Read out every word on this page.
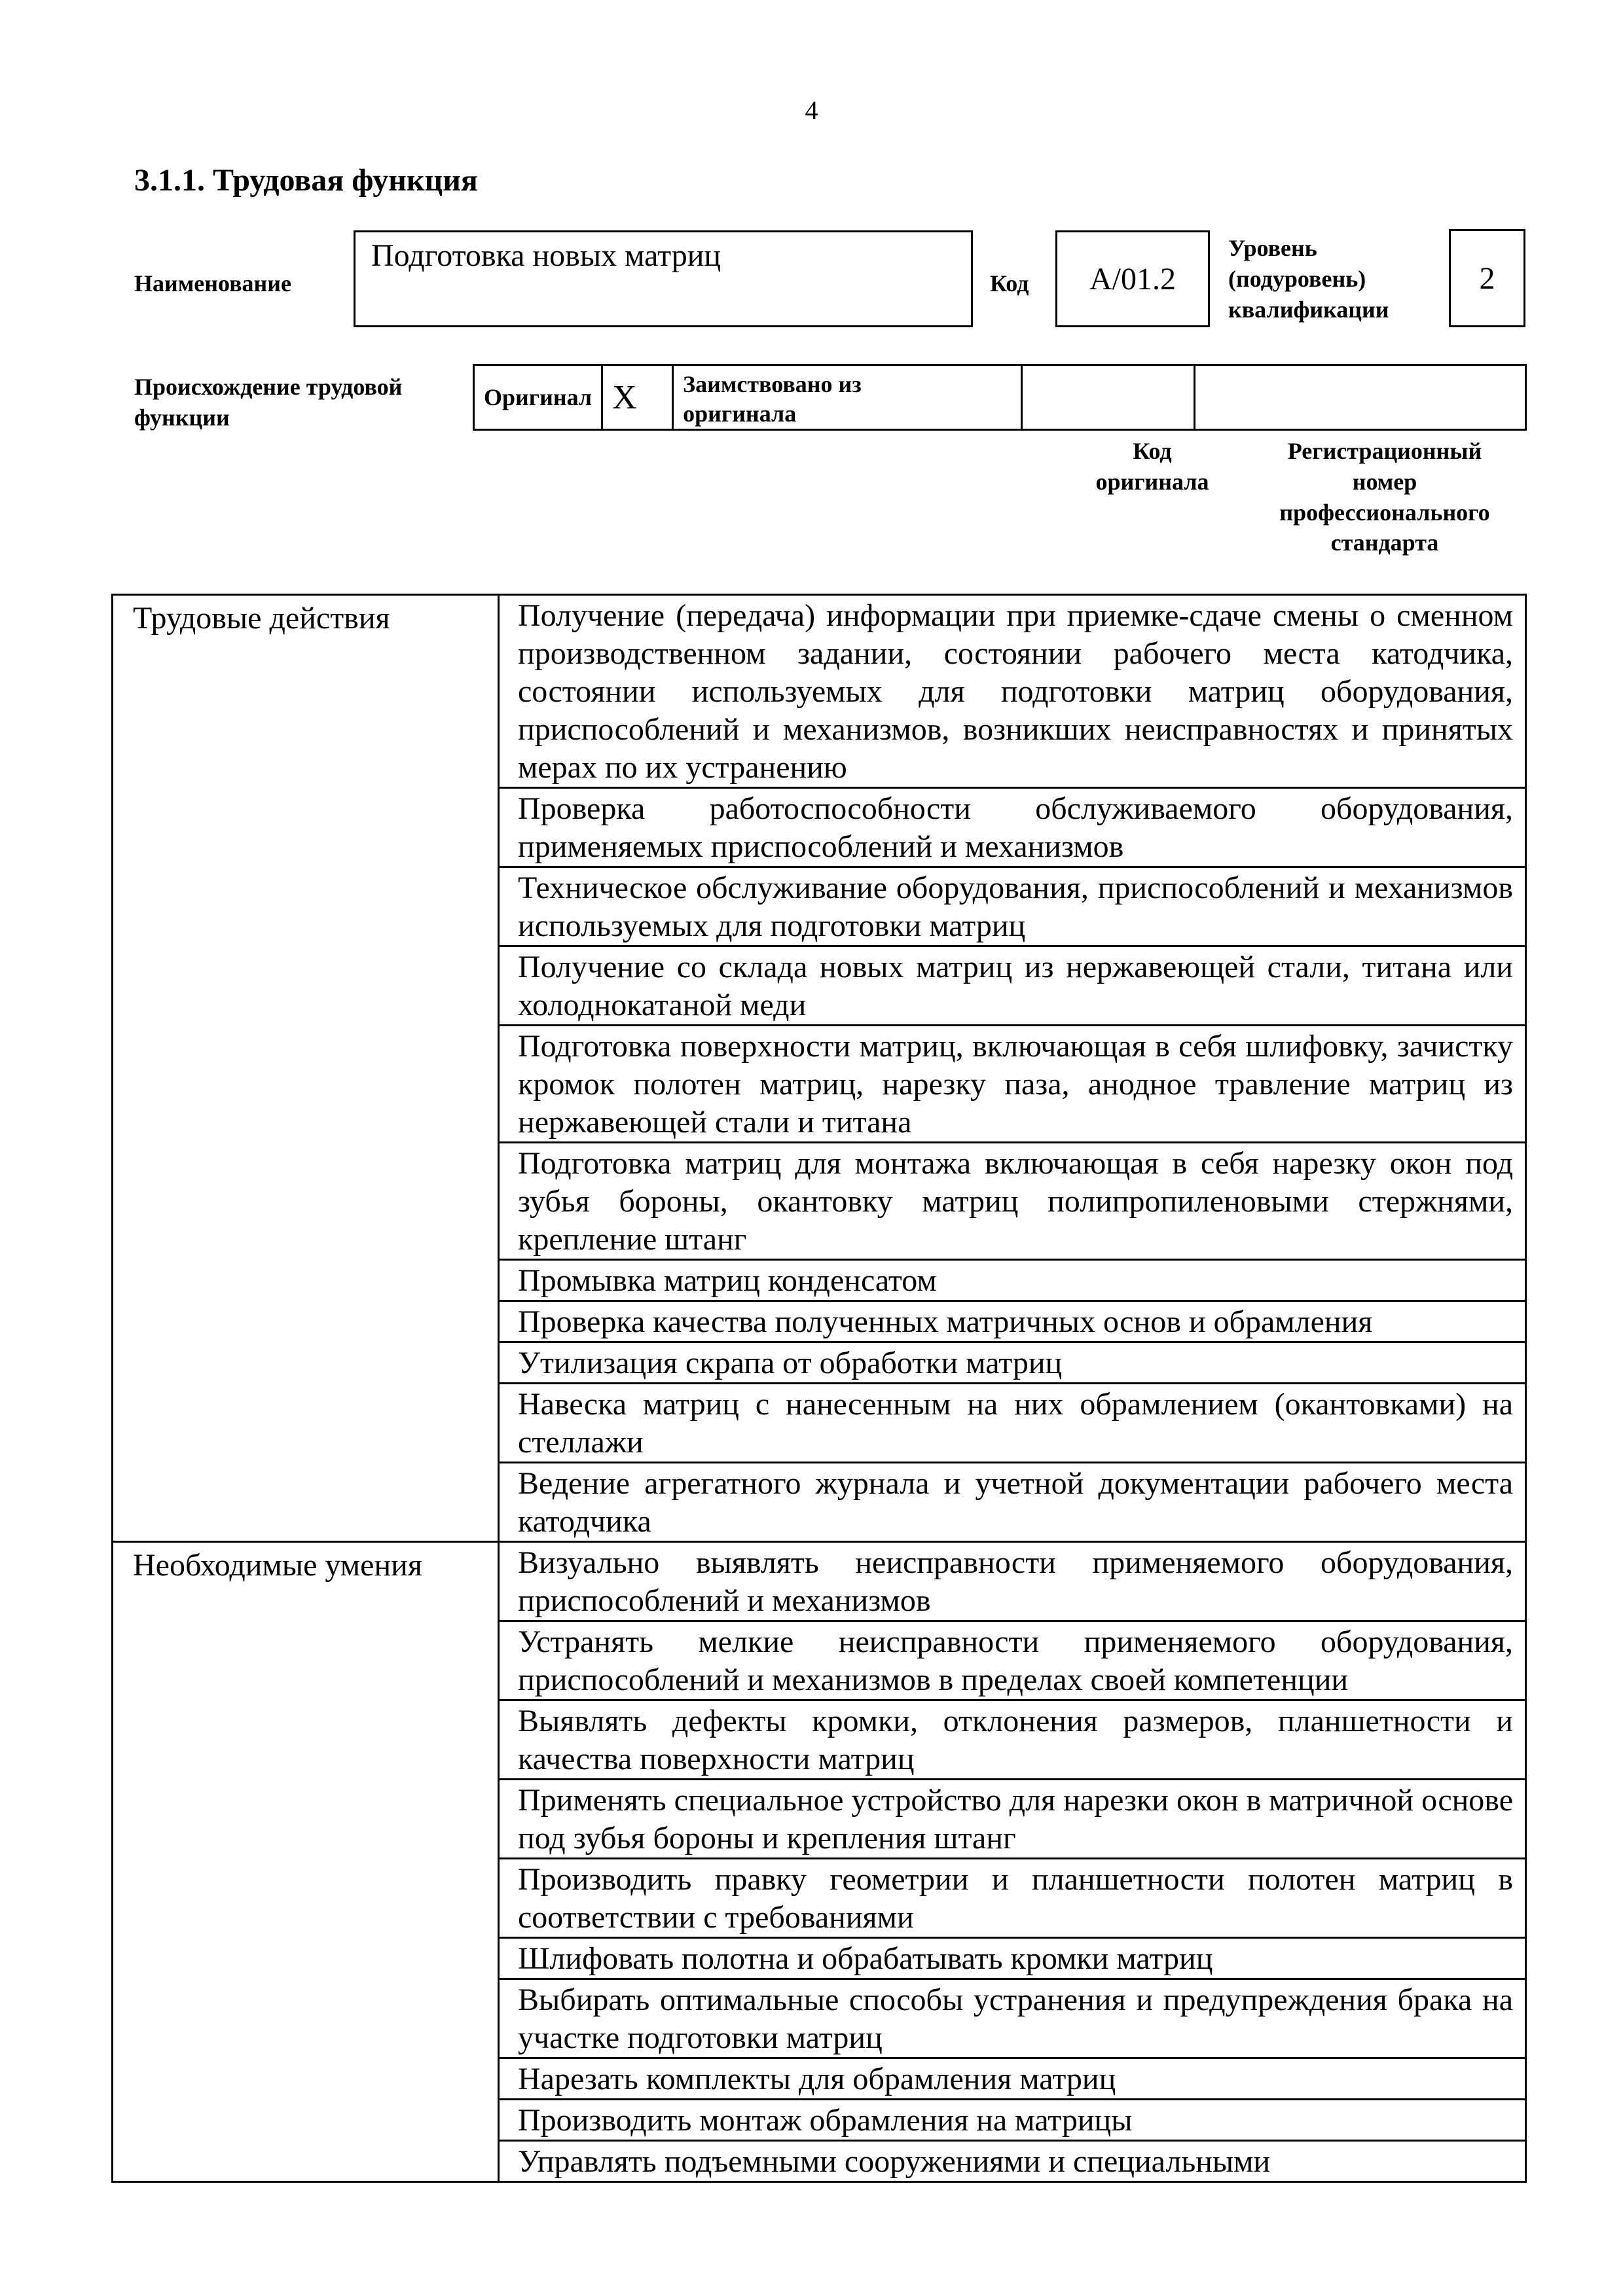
4
3.1.1. Трудовая функция
Наименование
Подготовка новых матриц
Код	A/01.2
Уровень
(подуровень)
квалификации
2
Происхождение трудовой
функции
Оригинал	X	Заимствовано из
оригинала

Код
оригинала
Регистрационный
номер
профессионального
стандарта
Трудовые действия	Получение (передача) информации при приемке-сдаче смены о сменном производственном задании, состоянии рабочего места катодчика, состоянии используемых для подготовки матриц оборудования, приспособлений и механизмов, возникших неисправностях и принятых мерах по их устранению
	Проверка работоспособности обслуживаемого оборудования, применяемых приспособлений и механизмов
	Техническое обслуживание оборудования, приспособлений и механизмов используемых для подготовки матриц
	Получение со склада новых матриц из нержавеющей стали, титана или холоднокатаной меди
	Подготовка поверхности матриц, включающая в себя шлифовку, зачистку кромок полотен матриц, нарезку паза, анодное травление матриц из нержавеющей стали и титана
	Подготовка матриц для монтажа включающая в себя нарезку окон под зубья бороны, окантовку матриц полипропиленовыми стержнями, крепление штанг
	Промывка матриц конденсатом
	Проверка качества полученных матричных основ и обрамления
	Утилизация скрапа от обработки матриц
	Навеска матриц с нанесенным на них обрамлением (окантовками) на стеллажи
	Ведение агрегатного журнала и учетной документации рабочего места катодчика
Необходимые умения	Визуально выявлять неисправности применяемого оборудования, приспособлений и механизмов
	Устранять мелкие неисправности применяемого оборудования, приспособлений и механизмов в пределах своей компетенции
	Выявлять дефекты кромки, отклонения размеров, планшетности и качества поверхности матриц
	Применять специальное устройство для нарезки окон в матричной основе под зубья бороны и крепления штанг
	Производить правку геометрии и планшетности полотен матриц в соответствии с требованиями
	Шлифовать полотна и обрабатывать кромки матриц
	Выбирать оптимальные способы устранения и предупреждения брака на участке подготовки матриц
	Нарезать комплекты для обрамления матриц
	Производить монтаж обрамления на матрицы
	Управлять подъемными сооружениями и специальными
